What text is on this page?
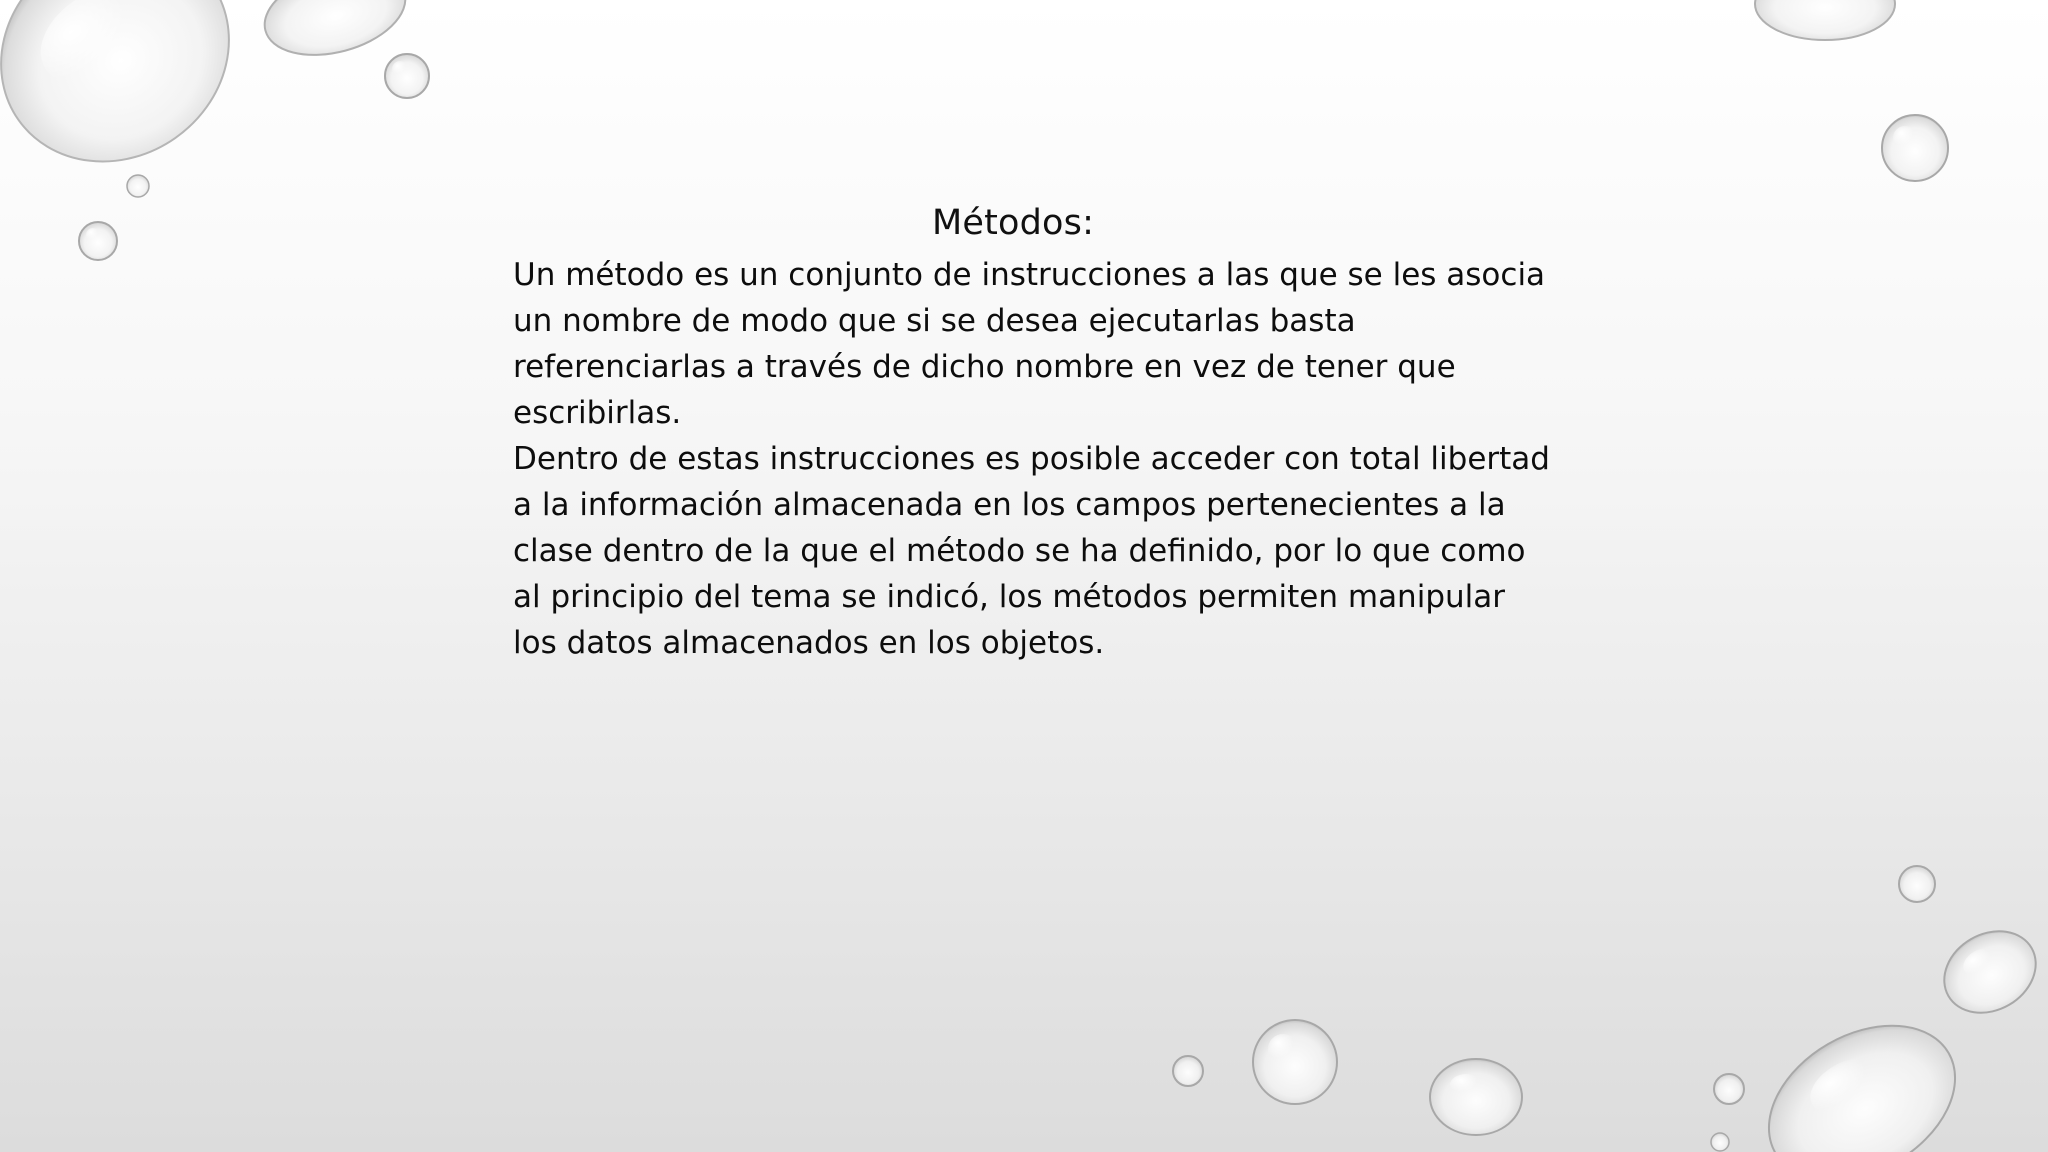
Métodos:

Un método es un conjunto de instrucciones a las que se les asocia un nombre de modo que si se desea ejecutarlas basta referenciarlas a través de dicho nombre en vez de tener que escribirlas.

Dentro de estas instrucciones es posible acceder con total libertad a la información almacenada en los campos pertenecientes a la clase dentro de la que el método se ha definido, por lo que como al principio del tema se indicó, los métodos permiten manipular los datos almacenados en los objetos.
